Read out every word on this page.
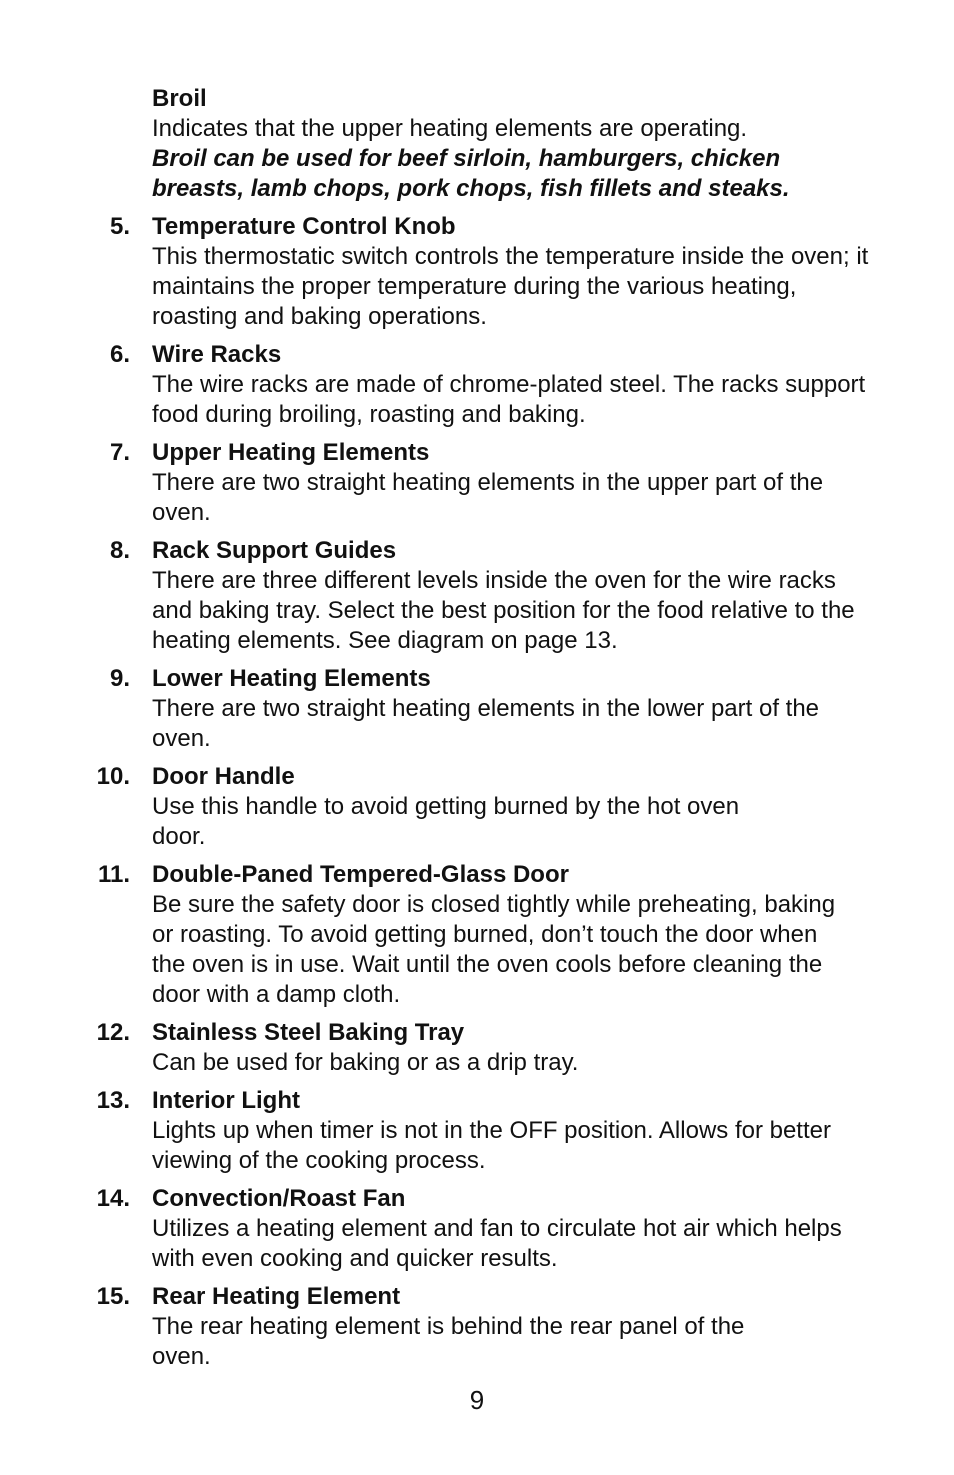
Broil
Indicates that the upper heating elements are operating.
Broil can be used for beef sirloin, hamburgers, chicken breasts, lamb chops, pork chops, fish fillets and steaks.
5. Temperature Control Knob
This thermostatic switch controls the temperature inside the oven; it maintains the proper temperature during the various heating, roasting and baking operations.
6. Wire Racks
The wire racks are made of chrome-plated steel. The racks support food during broiling, roasting and baking.
7. Upper Heating Elements
There are two straight heating elements in the upper part of the oven.
8. Rack Support Guides
There are three different levels inside the oven for the wire racks and baking tray. Select the best position for the food relative to the heating elements. See diagram on page 13.
9. Lower Heating Elements
There are two straight heating elements in the lower part of the oven.
10. Door Handle
Use this handle to avoid getting burned by the hot oven door.
11. Double-Paned Tempered-Glass Door
Be sure the safety door is closed tightly while preheating, baking or roasting. To avoid getting burned, don’t touch the door when the oven is in use. Wait until the oven cools before cleaning the door with a damp cloth.
12. Stainless Steel Baking Tray
Can be used for baking or as a drip tray.
13. Interior Light
Lights up when timer is not in the OFF position. Allows for better viewing of the cooking process.
14. Convection/Roast Fan
Utilizes a heating element and fan to circulate hot air which helps with even cooking and quicker results.
15. Rear Heating Element
The rear heating element is behind the rear panel of the oven.
9
